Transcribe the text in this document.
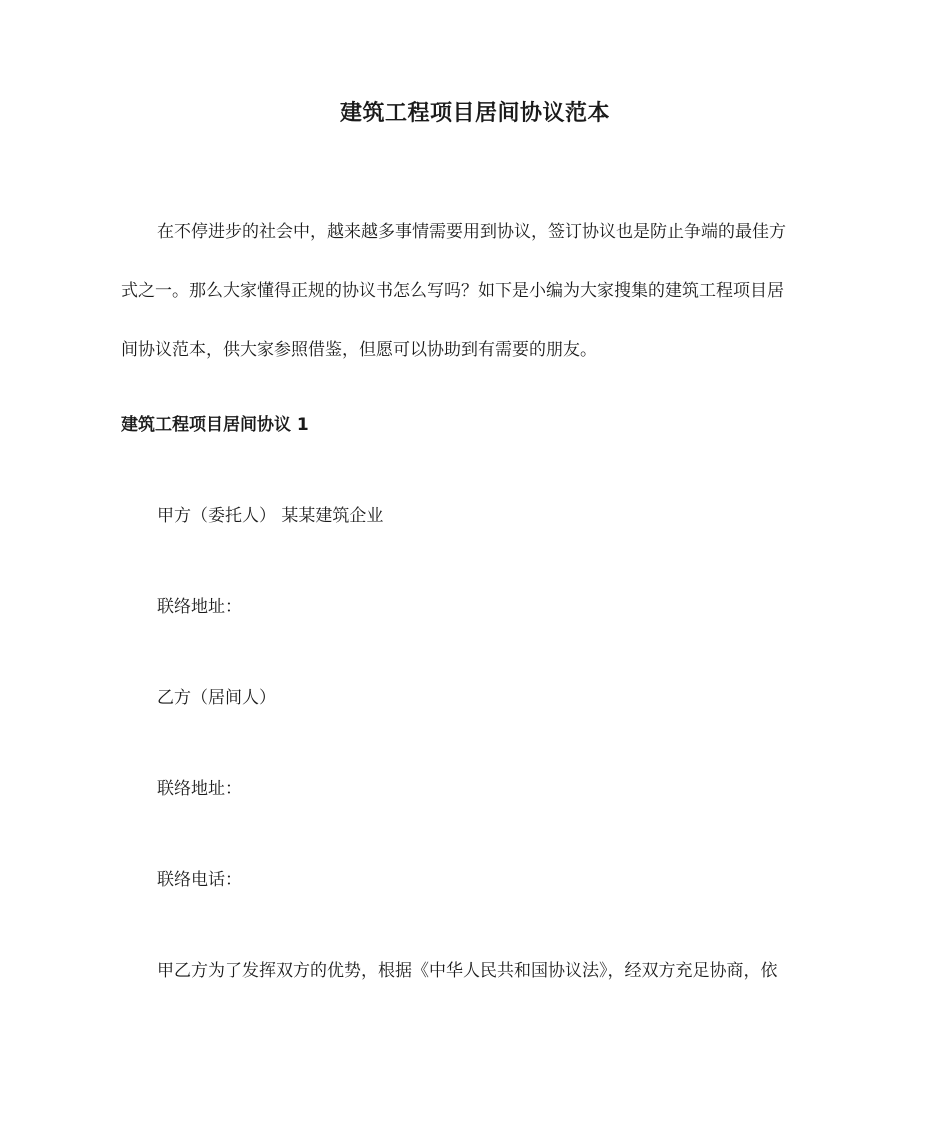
建筑工程项目居间协议范本
在不停进步的社会中，越来越多事情需要用到协议，签订协议也是防止争端的最佳方
式之一。那么大家懂得正规的协议书怎么写吗？如下是小编为大家搜集的建筑工程项目居
间协议范本，供大家参照借鉴，但愿可以协助到有需要的朋友。
建筑工程项目居间协议 1
甲方（委托人） 某某建筑企业
联络地址：
乙方（居间人）
联络地址：
联络电话：
甲乙方为了发挥双方的优势，根据《中华人民共和国协议法》，经双方充足协商，依
